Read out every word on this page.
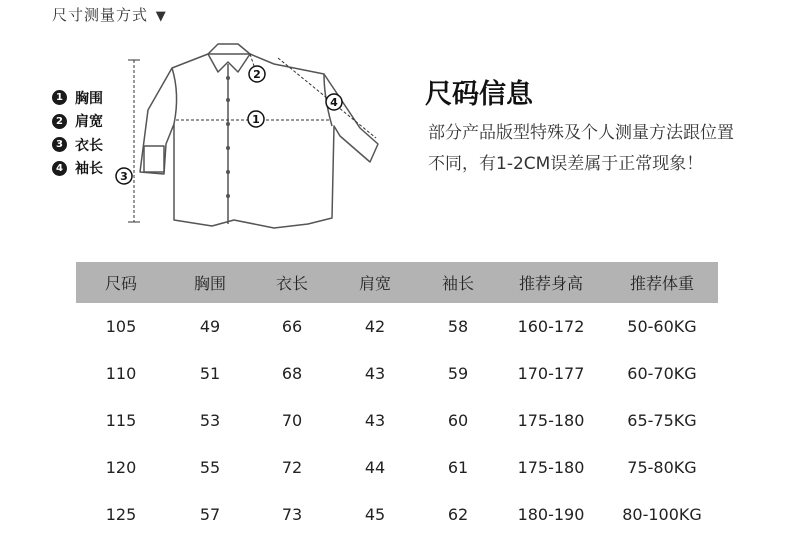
尺寸测量方式 ▼
1 胸围
2 肩宽
3 衣长
4 袖长
1
2
3
4	尺码信息
部分产品版型特殊及个人测量方法跟位置不同，有1-2CM误差属于正常现象！
尺码	胸围	衣长	肩宽	袖长	推荐身高	推荐体重
105	49	66	42	58	160-172	50-60KG
110	51	68	43	59	170-177	60-70KG
115	53	70	43	60	175-180	65-75KG
120	55	72	44	61	175-180	75-80KG
125	57	73	45	62	180-190	80-100KG
